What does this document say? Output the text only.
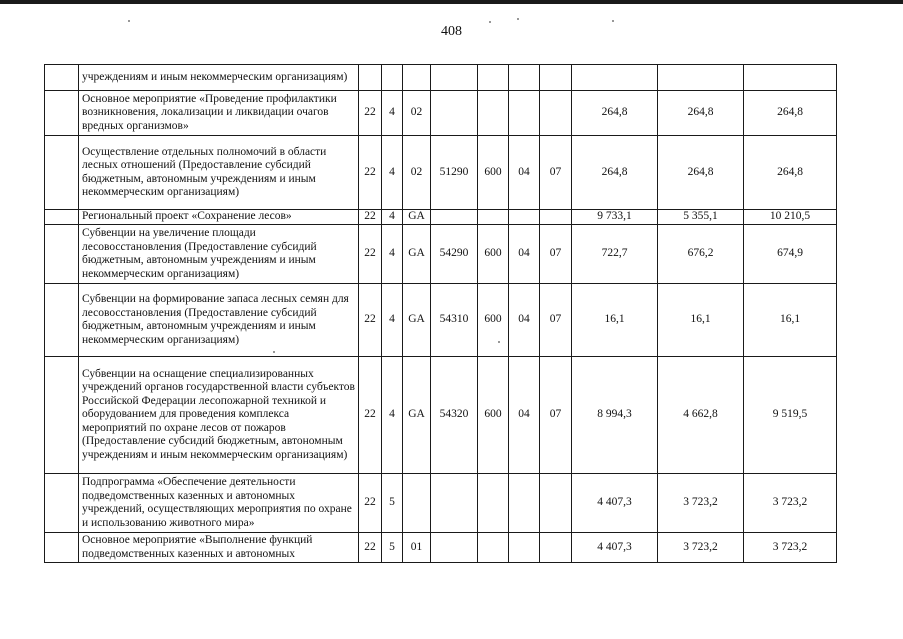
408
	учреждениям и иным некоммерческим организациям)										
	Основное мероприятие «Проведение профилактики возникновения, локализации и ликвидации очагов вредных организмов»	22	4	02					264,8	264,8	264,8
	Осуществление отдельных полномочий в области лесных отношений (Предоставление субсидий бюджетным, автономным учреждениям и иным некоммерческим организациям)	22	4	02	51290	600	04	07	264,8	264,8	264,8
	Региональный проект «Сохранение лесов»	22	4	GA					9 733,1	5 355,1	10 210,5
	Субвенции на увеличение площади лесовосстановления (Предоставление субсидий бюджетным, автономным учреждениям и иным некоммерческим организациям)	22	4	GA	54290	600	04	07	722,7	676,2	674,9
	Субвенции на формирование запаса лесных семян для лесовосстановления (Предоставление субсидий бюджетным, автономным учреждениям и иным некоммерческим организациям)	22	4	GA	54310	600	04	07	16,1	16,1	16,1
	Субвенции на оснащение специализированных учреждений органов государственной власти субъектов Российской Федерации лесопожарной техникой и оборудованием для проведения комплекса мероприятий по охране лесов от пожаров (Предоставление субсидий бюджетным, автономным учреждениям и иным некоммерческим организациям)	22	4	GA	54320	600	04	07	8 994,3	4 662,8	9 519,5
	Подпрограмма «Обеспечение деятельности подведомственных казенных и автономных учреждений, осуществляющих мероприятия по охране и использованию животного мира»	22	5						4 407,3	3 723,2	3 723,2
	Основное мероприятие «Выполнение функций подведомственных казенных и автономных	22	5	01					4 407,3	3 723,2	3 723,2
